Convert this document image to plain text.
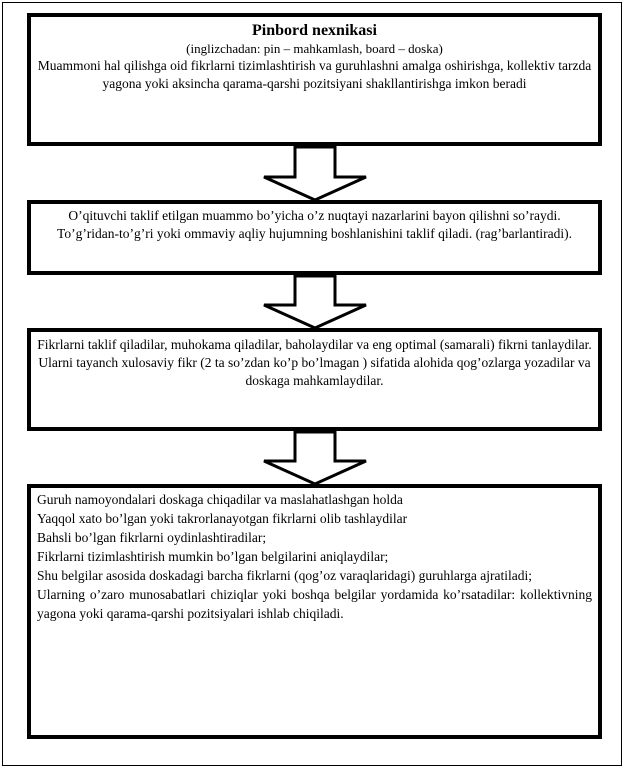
Pinbord nexnikasi
(inglizchadan: pin – mahkamlash, board – doska)
Muammoni hal qilishga oid fikrlarni tizimlashtirish va guruhlashni amalga oshirishga, kollektiv tarzda yagona yoki aksincha qarama-qarshi pozitsiyani shakllantirishga imkon beradi
O’qituvchi taklif etilgan muammo bo’yicha o’z nuqtayi nazarlarini bayon qilishni so’raydi. To’g’ridan-to’g’ri yoki ommaviy aqliy hujumning boshlanishini taklif qiladi. (rag’barlantiradi).
Fikrlarni taklif qiladilar, muhokama qiladilar, baholaydilar va eng optimal (samarali) fikrni tanlaydilar. Ularni tayanch xulosaviy fikr (2 ta so’zdan ko’p bo’lmagan ) sifatida alohida qog’ozlarga yozadilar va doskaga mahkamlaydilar.
Guruh namoyondalari doskaga chiqadilar va maslahatlashgan holda
Yaqqol xato bo’lgan yoki takrorlanayotgan fikrlarni olib tashlaydilar
Bahsli bo’lgan fikrlarni oydinlashtiradilar;
Fikrlarni tizimlashtirish mumkin bo’lgan belgilarini aniqlaydilar;
Shu belgilar asosida doskadagi barcha fikrlarni (qog’oz varaqlaridagi) guruhlarga ajratiladi;
Ularning o’zaro munosabatlari chiziqlar yoki boshqa belgilar yordamida ko’rsatadilar: kollektivning yagona yoki qarama-qarshi pozitsiyalari ishlab chiqiladi.
